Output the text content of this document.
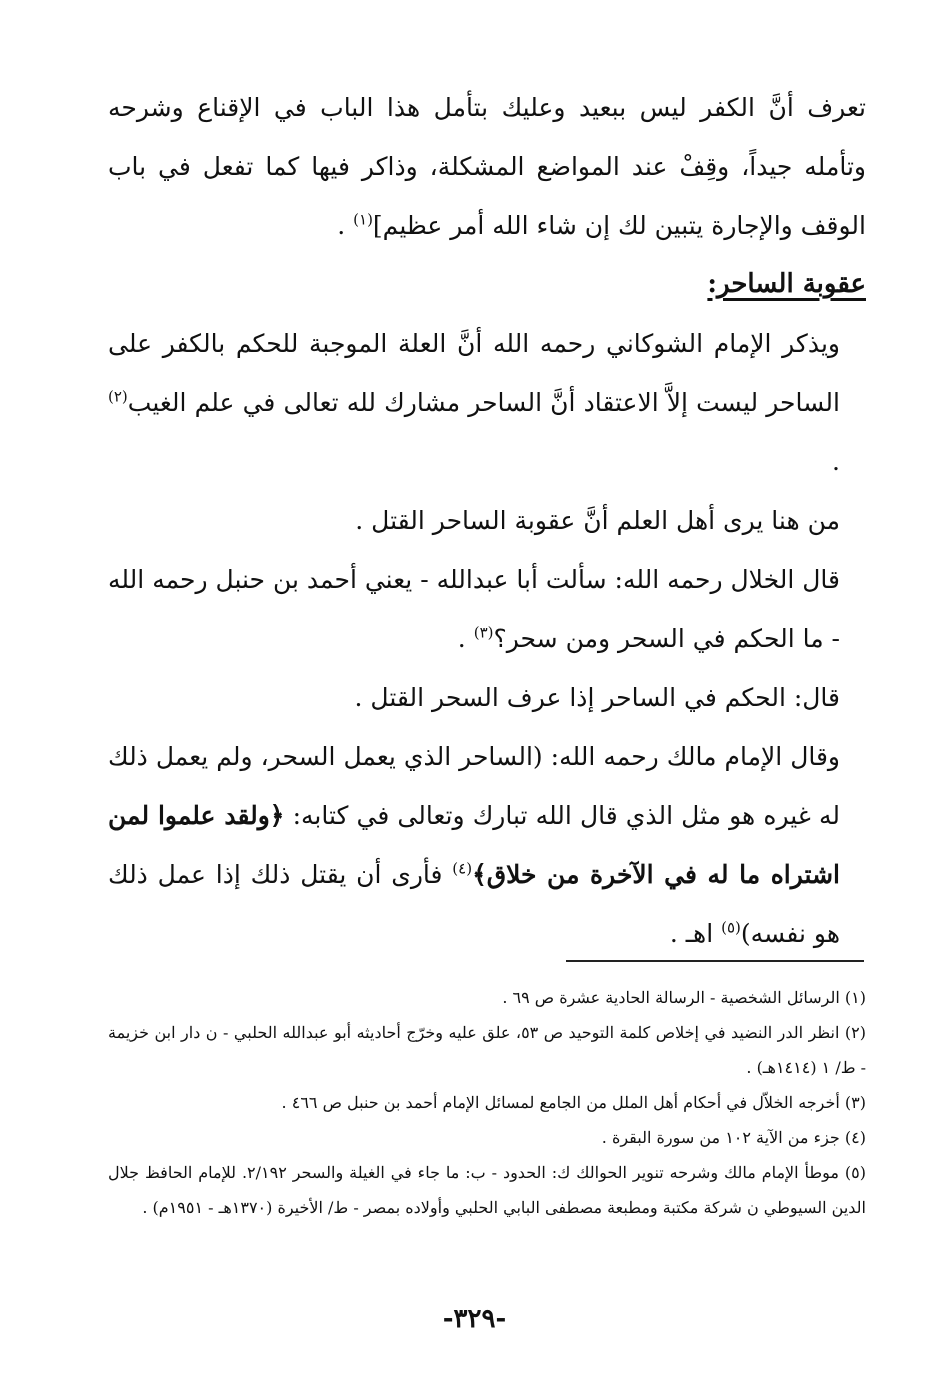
تعرف أنَّ الكفر ليس ببعيد وعليك بتأمل هذا الباب في الإقناع وشرحه وتأمله جيداً، وقِفْ عند المواضع المشكلة، وذاكر فيها كما تفعل في باب الوقف والإجارة يتبين لك إن شاء الله أمر عظيم]$^{(١)}$ .

عقوبة الساحر:

ويذكر الإمام الشوكاني رحمه الله أنَّ العلة الموجبة للحكم بالكفر على الساحر ليست إلاَّ الاعتقاد أنَّ الساحر مشارك لله تعالى في علم الغيب$^{(٢)}$ .

من هنا يرى أهل العلم أنَّ عقوبة الساحر القتل .

قال الخلال رحمه الله: سألت أبا عبدالله - يعني أحمد بن حنبل رحمه الله - ما الحكم في السحر ومن سحر؟$^{(٣)}$ .

قال: الحكم في الساحر إذا عرف السحر القتل .

وقال الإمام مالك رحمه الله: (الساحر الذي يعمل السحر، ولم يعمل ذلك له غيره هو مثل الذي قال الله تبارك وتعالى في كتابه: ﴿ولقد علموا لمن اشتراه ما له في الآخرة من خلاق﴾$^{(٤)}$ فأرى أن يقتل ذلك إذا عمل ذلك هو نفسه)$^{(٥)}$ اهـ .

(١) الرسائل الشخصية - الرسالة الحادية عشرة ص ٦٩ .

(٢) انظر الدر النضيد في إخلاص كلمة التوحيد ص ٥٣، علق عليه وخرّج أحاديثه أبو عبدالله الحلبي - ن دار ابن خزيمة - ط/ ١ (١٤١٤هـ) .

(٣) أخرجه الخلاّل في أحكام أهل الملل من الجامع لمسائل الإمام أحمد بن حنبل ص ٤٦٦ .

(٤) جزء من الآية ١٠٢ من سورة البقرة .

(٥) موطأ الإمام مالك وشرحه تنوير الحوالك ك: الحدود - ب: ما جاء في الغيلة والسحر ٢/١٩٢. للإمام الحافظ جلال الدين السيوطي ن شركة مكتبة ومطبعة مصطفى البابي الحلبي وأولاده بمصر - ط/ الأخيرة (١٣٧٠هـ - ١٩٥١م) .

-٣٢٩-
